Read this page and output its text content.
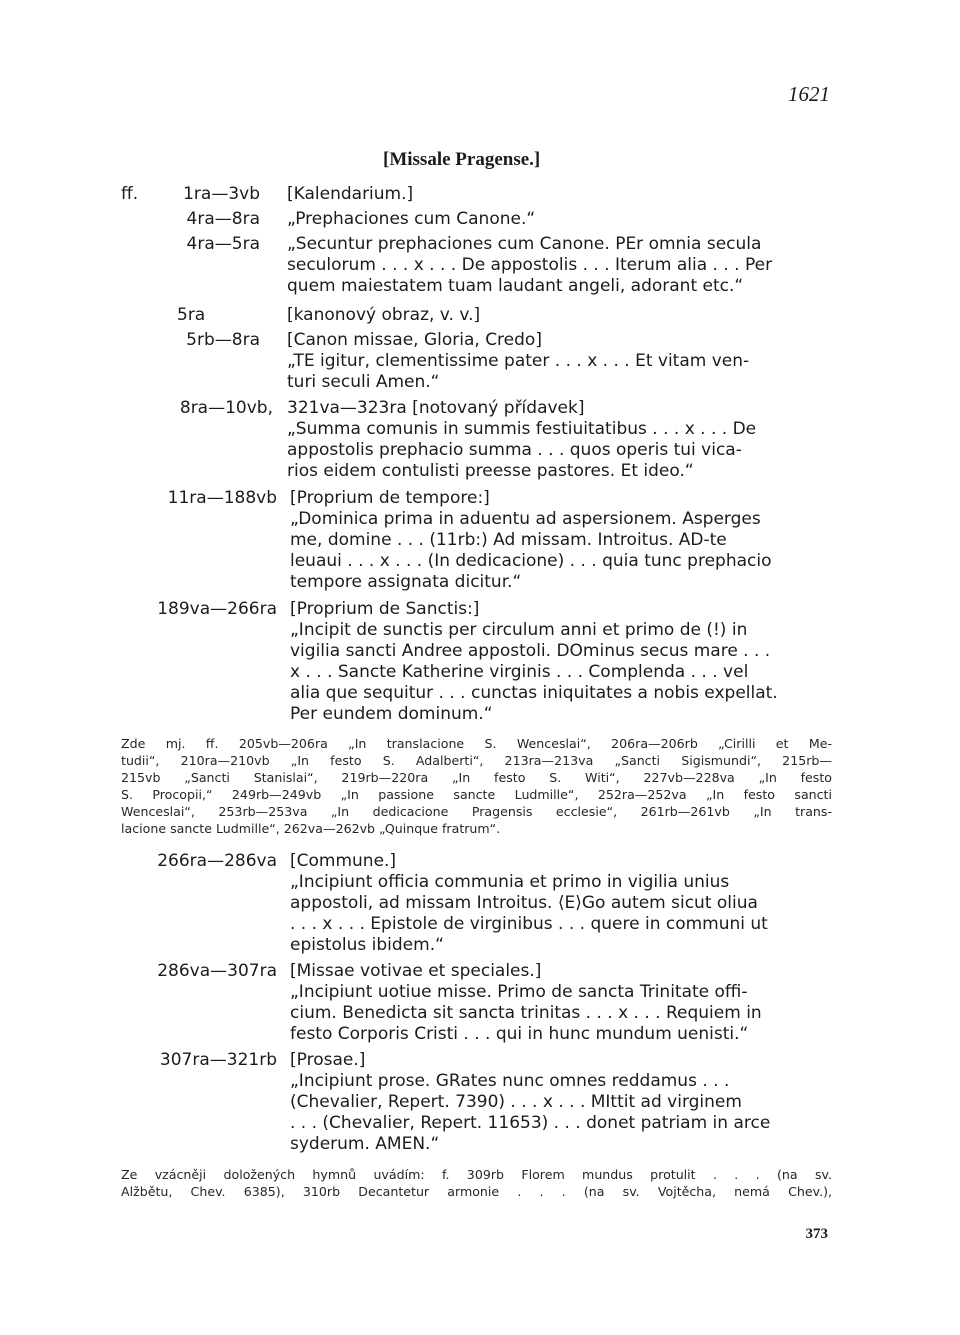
1621
[Missale Pragense.]
ff.	1ra—3vb [Kalendarium.]
4ra—8ra „Prephaciones cum Canone.“
4ra—5ra „Secuntur prephaciones cum Canone. PEr omnia secula
seculorum . . . x . . . De appostolis . . . Iterum alia . . . Per
quem maiestatem tuam laudant angeli, adorant etc.“
5ra	[kanonový obraz, v. v.]
5rb—8ra [Canon missae, Gloria, Credo]
„TE igitur, clementissime pater . . . x . . . Et vitam ven-
turi seculi Amen.“
8ra—10vb, 321va—323ra [notovaný přídavek]
„Summa comunis in summis festiuitatibus . . . x . . . De
appostolis prephacio summa . . . quos operis tui vica-
rios eidem contulisti preesse pastores. Et ideo.“
11ra—188vb [Proprium de tempore:]
„Dominica prima in aduentu ad aspersionem. Asperges
me, domine . . . (11rb:) Ad missam. Introitus. AD-te
leuaui . . . x . . . (In dedicacione) . . . quia tunc prephacio
tempore assignata dicitur.“
189va—266ra [Proprium de Sanctis:]
„Incipit de sunctis per circulum anni et primo de (!) in
vigilia sancti Andree appostoli. DOminus secus mare . . .
x . . . Sancte Katherine virginis . . . Complenda . . . vel
alia que sequitur . . . cunctas iniquitates a nobis expellat.
Per eundem dominum.“
Zde mj. ff. 205vb—206ra „In translacione S. Wenceslai“, 206ra—206rb „Cirilli et Me-
tudii“, 210ra—210vb „In festo S. Adalberti“, 213ra—213va „Sancti Sigismundi“, 215rb—
215vb „Sancti Stanislai“, 219rb—220ra „In festo S. Witi“, 227vb—228va „In festo
S. Procopii,“ 249rb—249vb „In passione sancte Ludmille“, 252ra—252va „In festo sancti
Wenceslai“, 253rb—253va „In dedicacione Pragensis ecclesie“, 261rb—261vb „In trans-
lacione sancte Ludmille“, 262va—262vb „Quinque fratrum“.
266ra—286va [Commune.]
„Incipiunt officia communia et primo in vigilia unius
appostoli, ad missam Introitus. ⟨E⟩Go autem sicut oliua
. . . x . . . Epistole de virginibus . . . quere in communi ut
epistolus ibidem.“
286va—307ra [Missae votivae et speciales.]
„Incipiunt uotiue misse. Primo de sancta Trinitate offi-
cium. Benedicta sit sancta trinitas . . . x . . . Requiem in
festo Corporis Cristi . . . qui in hunc mundum uenisti.“
307ra—321rb [Prosae.]
„Incipiunt prose. GRates nunc omnes reddamus . . .
(Chevalier, Repert. 7390) . . . x . . . MIttit ad virginem
. . . (Chevalier, Repert. 11653) . . . donet patriam in arce
syderum. AMEN.“
Ze vzácněji doložených hymnů uvádím: f. 309rb Florem mundus protulit . . . (na sv.
Alžbětu, Chev. 6385), 310rb Decantetur armonie . . . (na sv. Vojtěcha, nemá Chev.),
373
